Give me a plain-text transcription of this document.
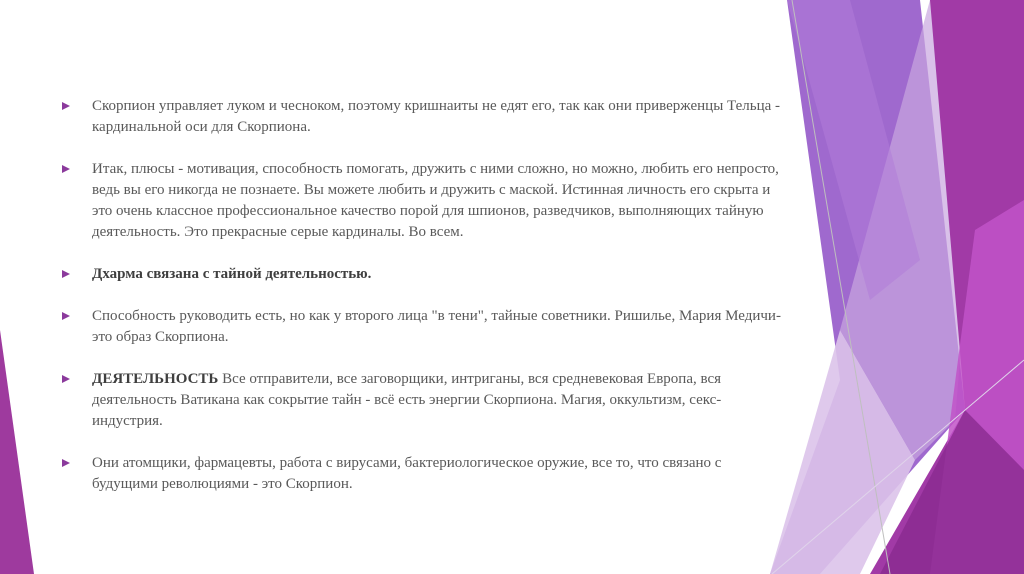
Скорпион управляет луком и чесноком, поэтому кришнаиты не едят его, так как они приверженцы Тельца - кардинальной оси для Скорпиона.
Итак, плюсы - мотивация, способность помогать, дружить с ними сложно, но можно, любить его непросто, ведь вы его никогда не познаете. Вы можете любить и дружить с маской. Истинная личность его скрыта и это очень классное профессиональное качество порой для шпионов, разведчиков, выполняющих тайную деятельность. Это прекрасные серые кардиналы. Во всем.
Дхарма связана с тайной деятельностью.
Способность руководить есть, но как у второго лица "в тени", тайные советники. Ришилье, Мария Медичи- это образ Скорпиона.
ДЕЯТЕЛЬНОСТЬ Все отправители, все заговорщики, интриганы, вся средневековая Европа, вся деятельность Ватикана как сокрытие тайн - всё есть энергии Скорпиона. Магия, оккультизм, секс-индустрия.
Они атомщики, фармацевты, работа с вирусами, бактериологическое оружие, все то, что связано с будущими революциями - это Скорпион.
